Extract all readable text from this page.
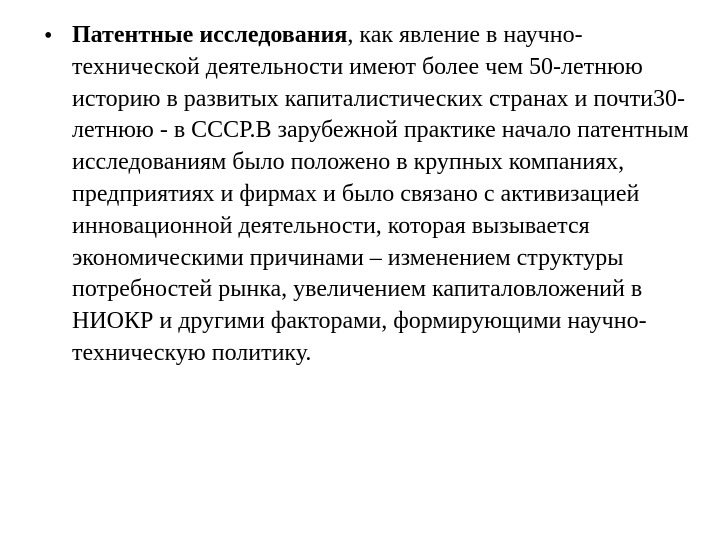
• Патентные исследования, как явление в научно-технической деятельности имеют более чем 50-летнюю историю в развитых капиталистических странах и почти30-летнюю - в СССР.В зарубежной практике начало патентным исследованиям было положено в крупных компаниях, предприятиях и фирмах и было связано с активизацией инновационной деятельности, которая вызывается экономическими причинами – изменением структуры потребностей рынка, увеличением капиталовложений в НИОКР и другими факторами, формирующими научно-техническую политику.
